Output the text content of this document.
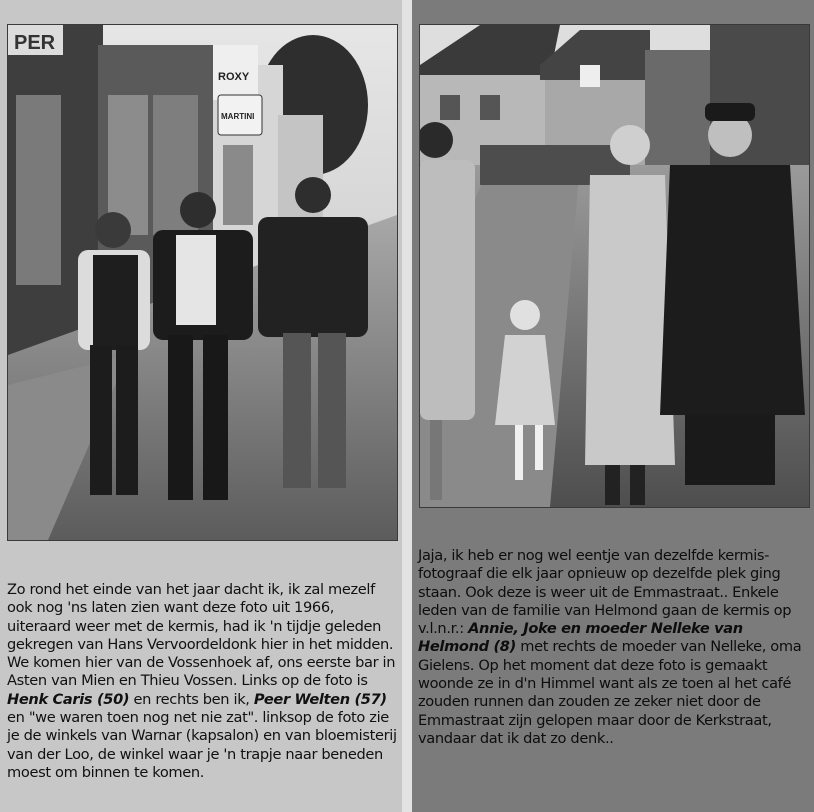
PER
ROXY
MARTINI
Zo rond het einde van het jaar dacht ik, ik zal mezelf ook nog 'ns laten zien want deze foto uit 1966, uiteraard weer met de kermis, had ik 'n tijdje geleden gekregen van Hans Vervoordeldonk hier in het midden. We komen hier van de Vossenhoek af, ons eerste bar in Asten van Mien en Thieu Vossen. Links op de foto is Henk Caris (50) en rechts ben ik, Peer Welten (57) en "we waren toen nog net nie zat". linksop de foto zie je de winkels van Warnar (kapsalon) en van bloemisterij van der Loo, de winkel waar je 'n trapje naar beneden moest om binnen te komen.
Jaja, ik heb er nog wel eentje van dezelfde kermis-fotograaf die elk jaar opnieuw op dezelfde plek ging staan. Ook deze is weer uit de Emmastraat.. Enkele leden van de familie van Helmond gaan de kermis op v.l.n.r.: Annie, Joke en moeder Nelleke van Helmond (8) met rechts de moeder van Nelleke, oma Gielens. Op het moment dat deze foto is gemaakt woonde ze in d'n Himmel want als ze toen al het café zouden runnen dan zouden ze zeker niet door de Emmastraat zijn gelopen maar door de Kerkstraat, vandaar dat ik dat zo denk..
